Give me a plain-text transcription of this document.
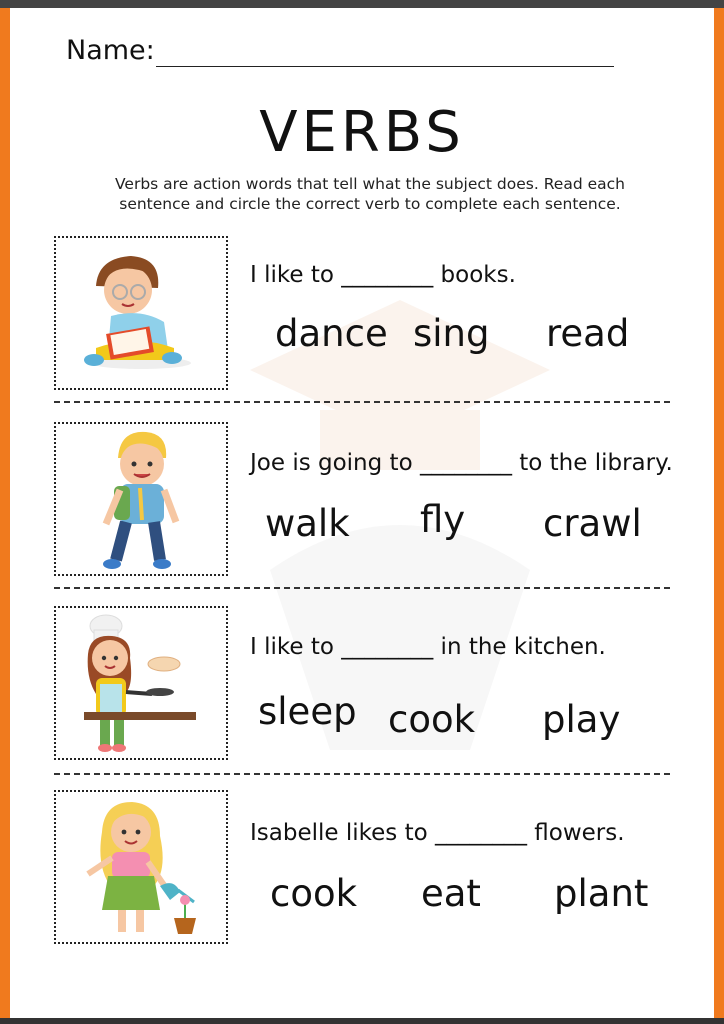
Name:
VERBS
Verbs are action words that tell what the subject does. Read each
sentence and circle the correct verb to complete each sentence.
I like to ________ books.
dance sing read
Joe is going to ________ to the library.
walk fly crawl
I like to ________ in the kitchen.
sleep cook play
Isabelle likes to ________ flowers.
cook eat plant
